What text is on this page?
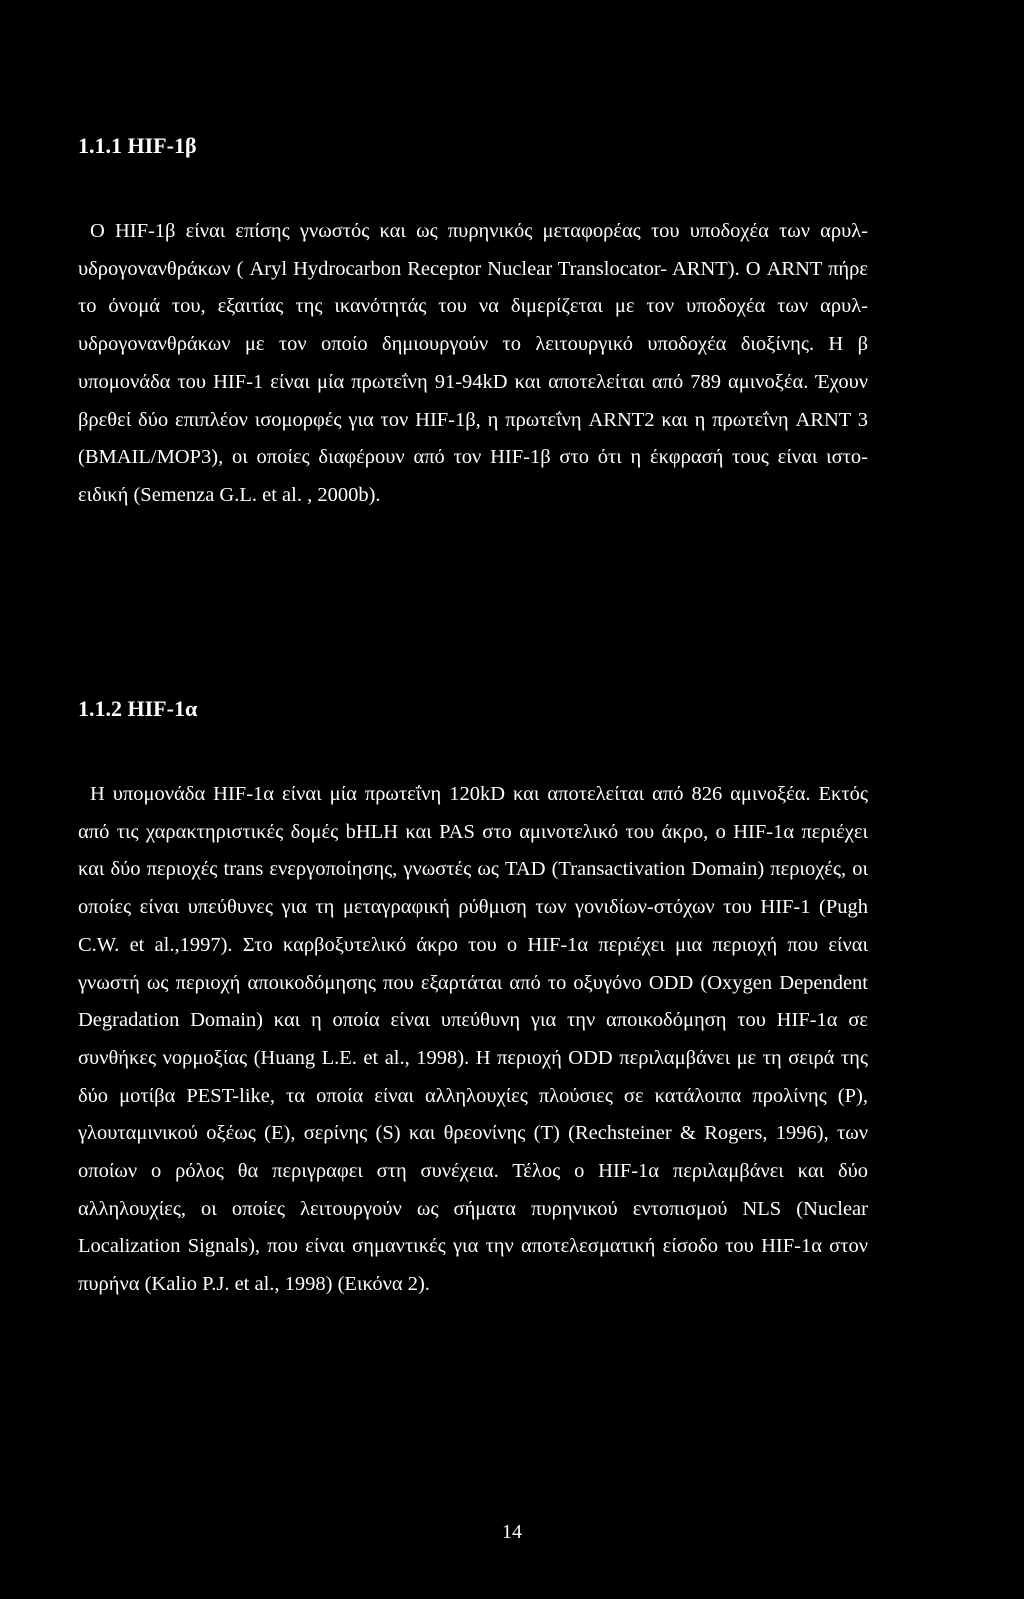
1.1.1 HIF-1β

Ο HIF-1β είναι επίσης γνωστός και ως πυρηνικός μεταφορέας του υποδοχέα των αρυλ-υδρογονανθράκων ( Aryl Hydrocarbon Receptor Nuclear Translocator- ARNT). Ο ARNT πήρε το όνομά του, εξαιτίας της ικανότητάς του να διμερίζεται με τον υποδοχέα των αρυλ-υδρογονανθράκων με τον οποίο δημιουργούν το λειτουργικό υποδοχέα διοξίνης. Η β υπομονάδα του HIF-1 είναι μία πρωτεΐνη 91-94kD και αποτελείται από 789 αμινοξέα. Έχουν βρεθεί δύο επιπλέον ισομορφές για τον HIF-1β, η πρωτεΐνη ARNT2 και η πρωτεΐνη ARNT 3 (BMAIL/MOP3), οι οποίες διαφέρουν από τον HIF-1β στο ότι η έκφρασή τους είναι ιστο-ειδική (Semenza G.L. et al. , 2000b).

1.1.2 HIF-1α

Η υπομονάδα HIF-1α είναι μία πρωτεΐνη 120kD και αποτελείται από 826 αμινοξέα. Εκτός από τις χαρακτηριστικές δομές bHLH και PAS στο αμινοτελικό του άκρο, ο HIF-1α περιέχει και δύο περιοχές trans ενεργοποίησης, γνωστές ως TAD (Transactivation Domain) περιοχές, οι οποίες είναι υπεύθυνες για τη μεταγραφική ρύθμιση των γονιδίων-στόχων του HIF-1 (Pugh C.W. et al.,1997). Στο καρβοξυτελικό άκρο του ο HIF-1α περιέχει μια περιοχή που είναι γνωστή ως περιοχή αποικοδόμησης που εξαρτάται από το οξυγόνο ODD (Oxygen Dependent Degradation Domain) και η οποία είναι υπεύθυνη για την αποικοδόμηση του HIF-1α σε συνθήκες νορμοξίας (Huang L.E. et al., 1998). Η περιοχή ODD περιλαμβάνει με τη σειρά της δύο μοτίβα PEST-like, τα οποία είναι αλληλουχίες πλούσιες σε κατάλοιπα προλίνης (P), γλουταμινικού οξέως (E), σερίνης (S) και θρεονίνης (T) (Rechsteiner & Rogers, 1996), των οποίων ο ρόλος θα περιγραφει στη συνέχεια. Τέλος ο HIF-1α περιλαμβάνει και δύο αλληλουχίες, οι οποίες λειτουργούν ως σήματα πυρηνικού εντοπισμού NLS (Nuclear Localization Signals), που είναι σημαντικές για την αποτελεσματική είσοδο του HIF-1α στον πυρήνα (Kalio P.J. et al., 1998) (Εικόνα 2).

14
